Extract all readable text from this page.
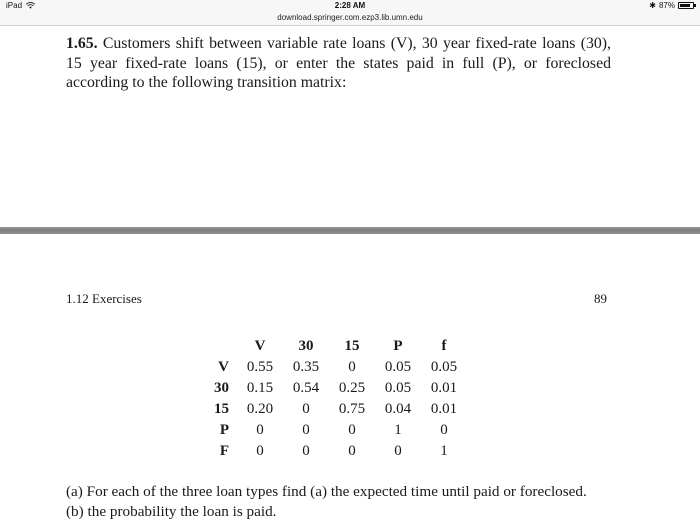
iPad	2:28 AM	✱ 87%
download.springer.com.ezp3.lib.umn.edu
1.65. Customers shift between variable rate loans (V), 30 year fixed-rate loans (30), 15 year fixed-rate loans (15), or enter the states paid in full (P), or foreclosed according to the following transition matrix:
1.12 Exercises	89
	V	30	15	P	f
V	0.55	0.35	0	0.05	0.05
30	0.15	0.54	0.25	0.05	0.01
15	0.20	0	0.75	0.04	0.01
P	0	0	0	1	0
F	0	0	0	0	1
(a) For each of the three loan types find (a) the expected time until paid or foreclosed.
(b) the probability the loan is paid.
